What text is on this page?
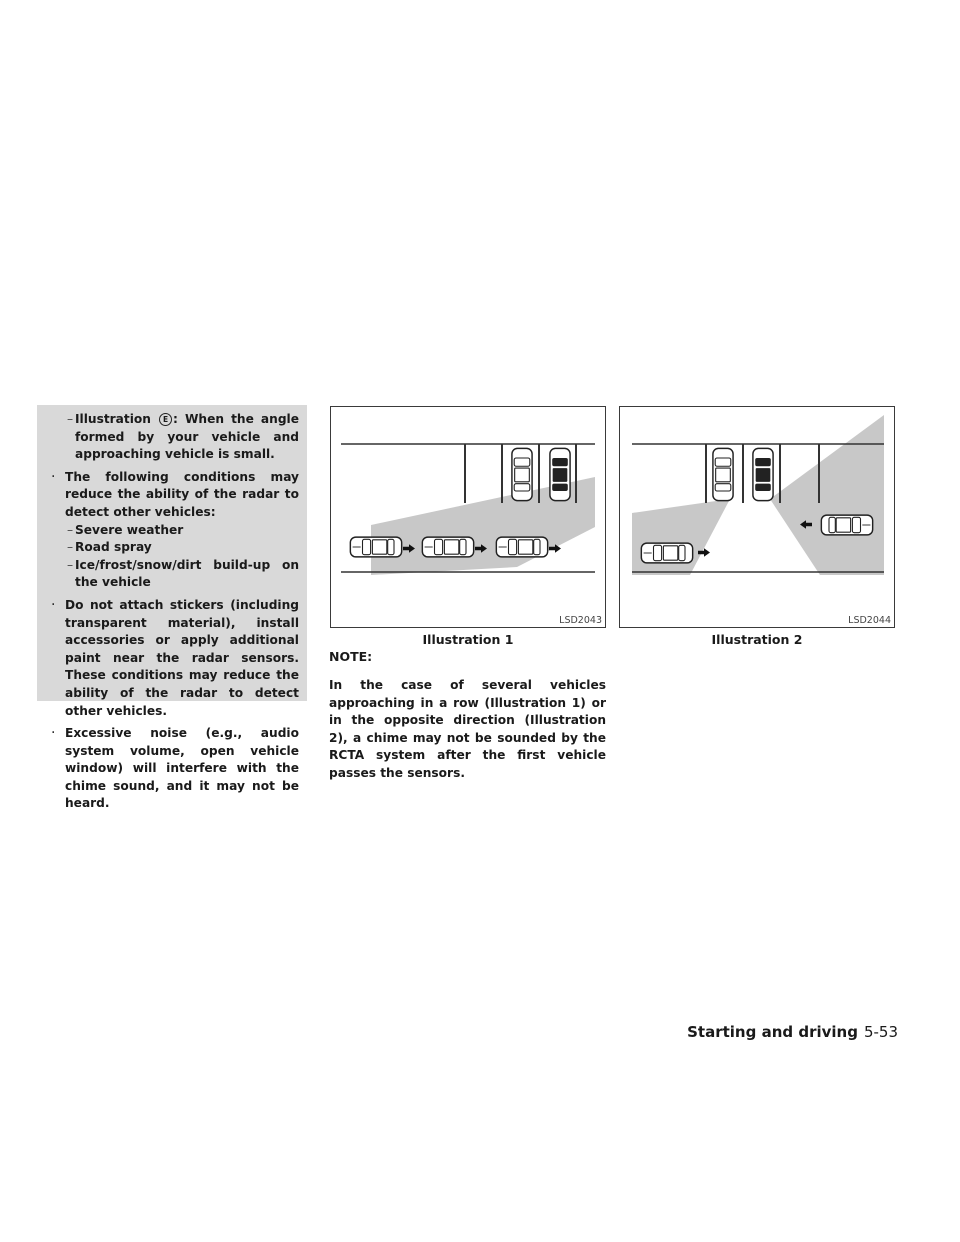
– Illustration E : When the angle formed by your vehicle and approaching vehicle is small.
· The following conditions may reduce the ability of the radar to detect other vehicles:
– Severe weather
– Road spray
– Ice/frost/snow/dirt build-up on the vehicle
· Do not attach stickers (including transparent material), install accessories or apply additional paint near the radar sensors. These conditions may reduce the ability of the radar to detect other vehicles.
· Excessive noise (e.g., audio system volume, open vehicle window) will interfere with the chime sound, and it may not be heard.
LSD2043
Illustration 1
LSD2044
Illustration 2
NOTE:
In the case of several vehicles approaching in a row (Illustration 1) or in the opposite direction (Illustration 2), a chime may not be sounded by the RCTA system after the first vehicle passes the sensors.
Starting and driving 5-53
